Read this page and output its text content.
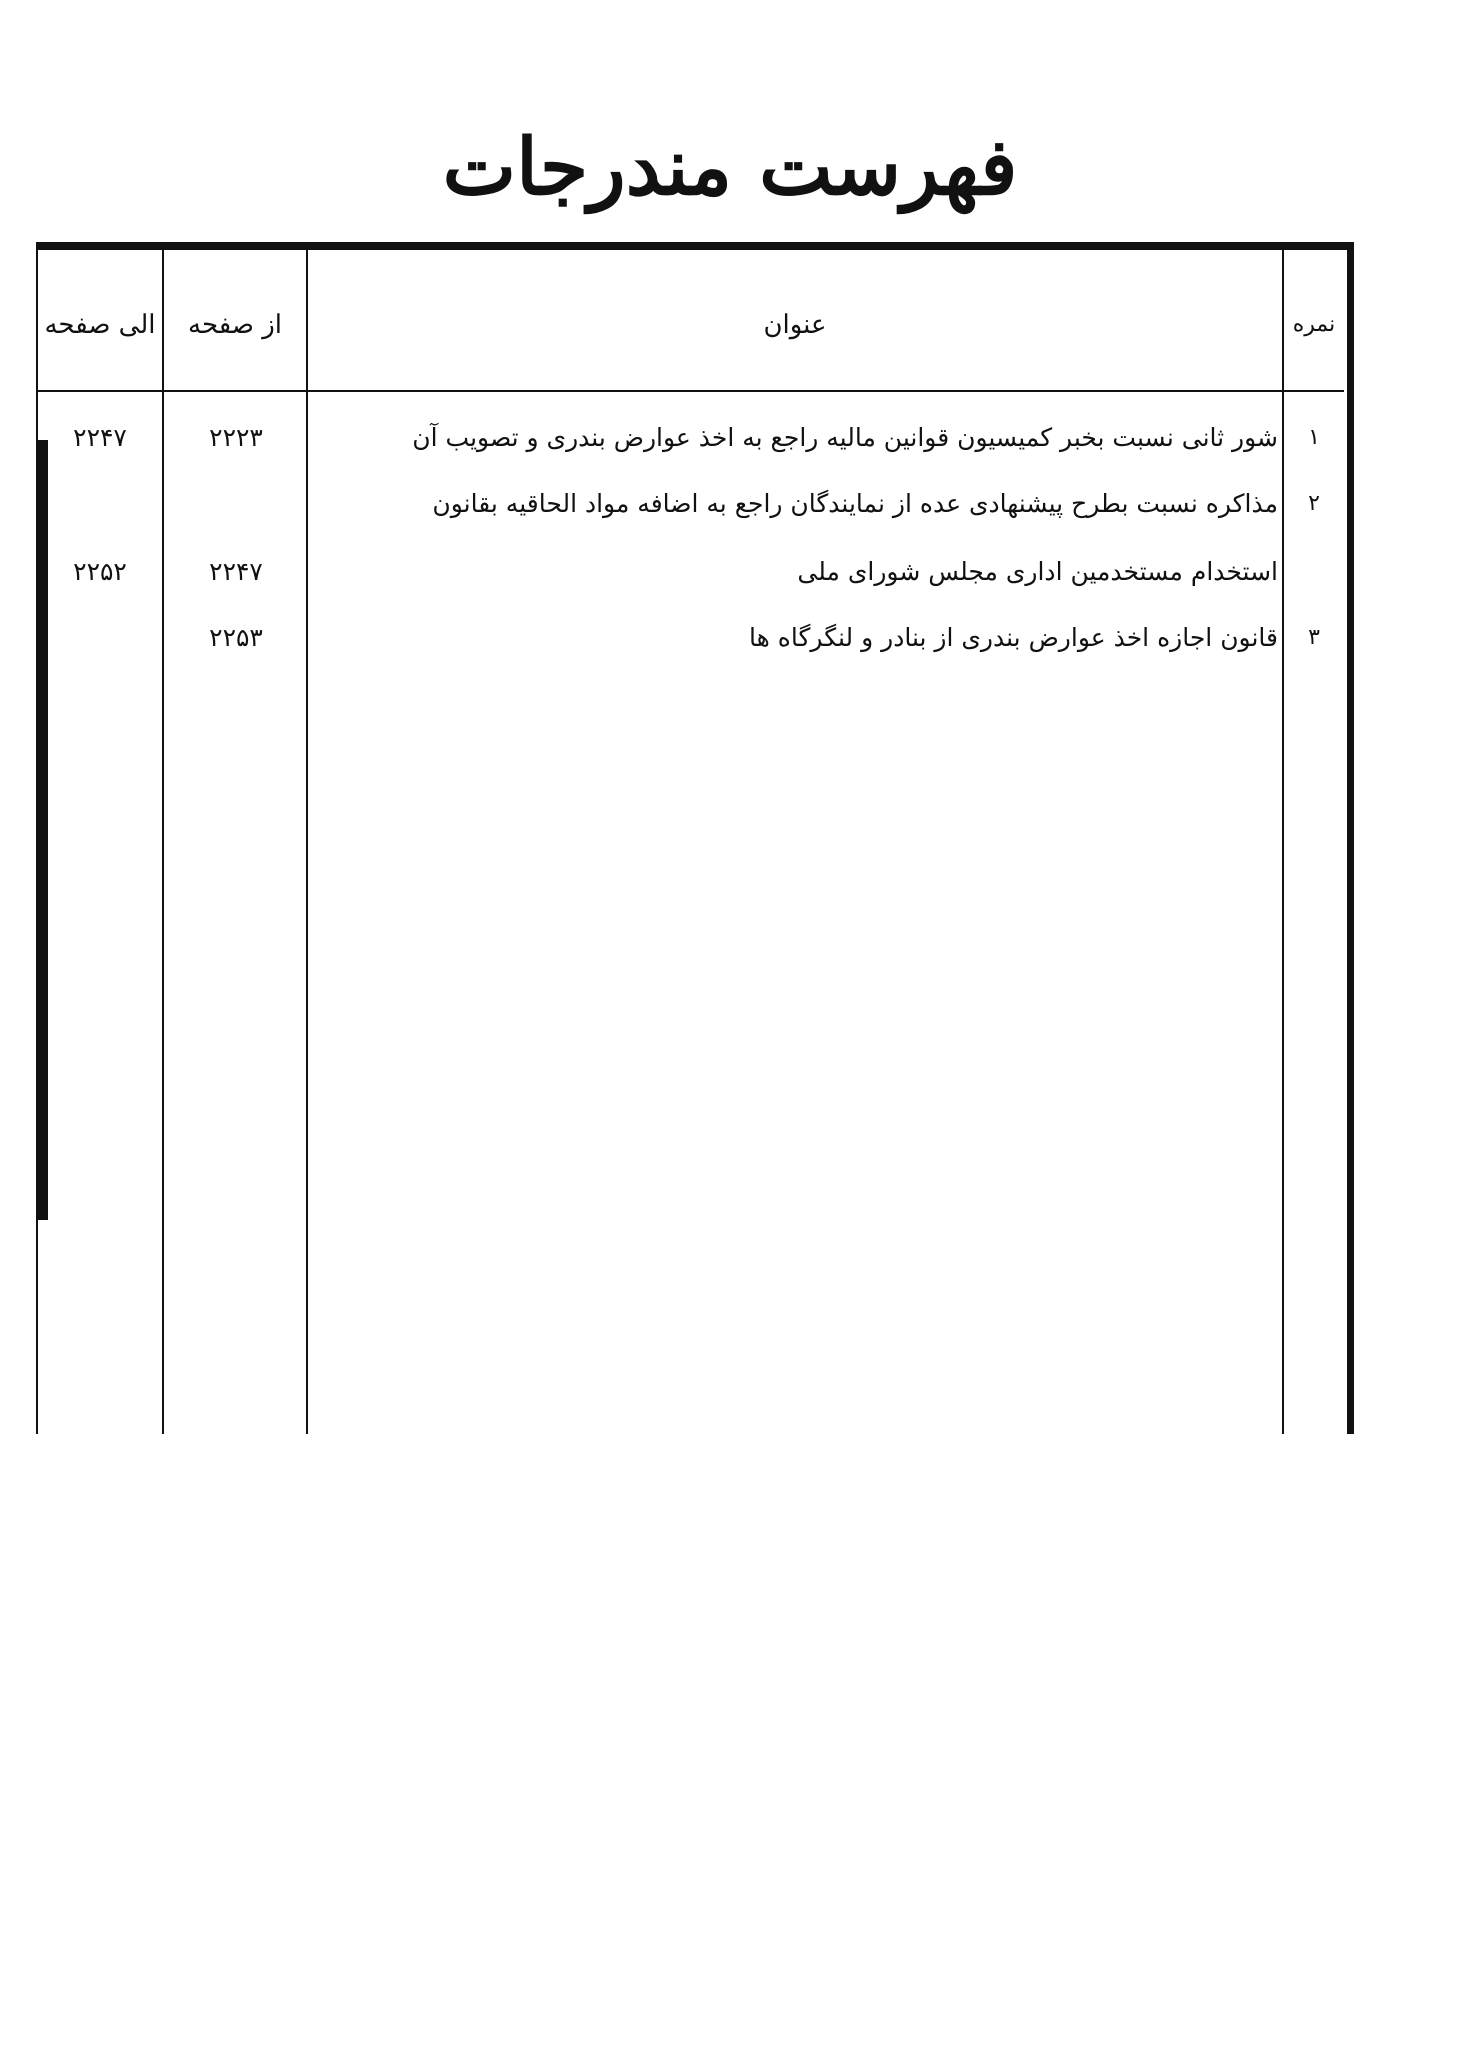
فهرست مندرجات
نمره
عنوان
از صفحه
الی صفحه
۱
شور ثانی نسبت بخبر کمیسیون قوانین مالیه راجع به اخذ عوارض بندری و تصویب آن
۲۲۲۳
۲۲۴۷
۲
مذاکره نسبت بطرح پیشنهادی عده از نمایندگان راجع به اضافه مواد الحاقیه بقانون
استخدام مستخدمین اداری مجلس شورای ملی
۲۲۴۷
۲۲۵۲
۳
قانون اجازه اخذ عوارض بندری از بنادر و لنگرگاه ها
۲۲۵۳
